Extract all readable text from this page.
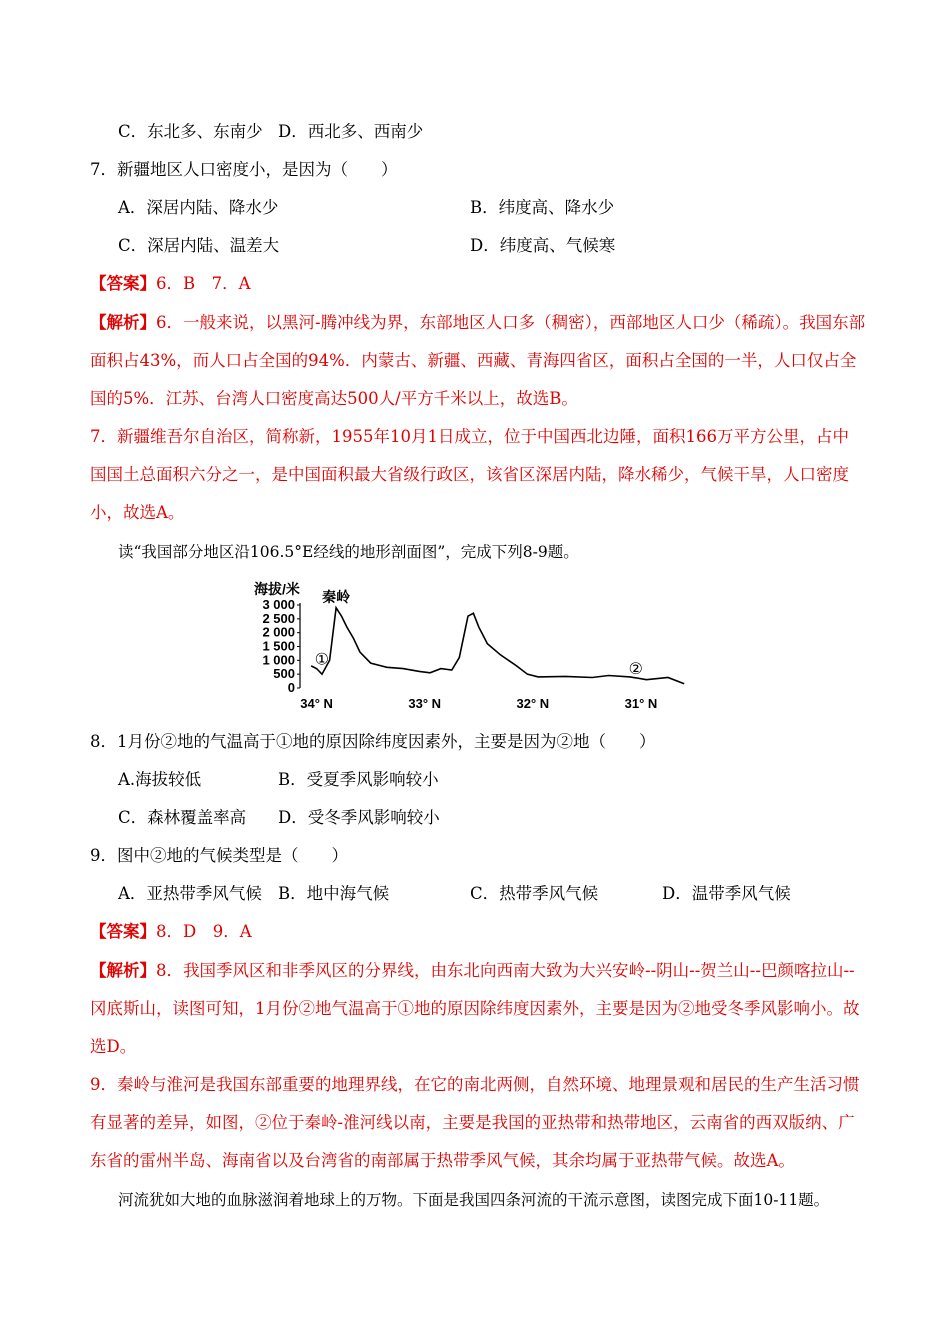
C．东北多、东南少 D．西北多、西南少
7．新疆地区人口密度小，是因为（　　）
A．深居内陆、降水少	B．纬度高、降水少
C．深居内陆、温差大	D．纬度高、气候寒
【答案】6．B　7．A
【解析】6．一般来说，以黑河-腾冲线为界，东部地区人口多（稠密），西部地区人口少（稀疏）。我国东部
面积占43%，而人口占全国的94%．内蒙古、新疆、西藏、青海四省区，面积占全国的一半，人口仅占全
国的5%．江苏、台湾人口密度高达500人/平方千米以上，故选B。
7．新疆维吾尔自治区，简称新，1955年10月1日成立，位于中国西北边陲，面积166万平方公里，占中
国国土总面积六分之一，是中国面积最大省级行政区，该省区深居内陆，降水稀少，气候干旱，人口密度
小，故选A。
读“我国部分地区沿106.5°E经线的地形剖面图”，完成下列8-9题。
海拔/米
3 000
2 500
2 000
1 500
1 000
500
0
34° N	33° N	32° N	31° N
秦岭
①
②
8．1月份②地的气温高于①地的原因除纬度因素外，主要是因为②地（　　）
A.海拔较低	B．受夏季风影响较小
C．森林覆盖率高 D．受冬季风影响较小
9．图中②地的气候类型是（　　）
A．亚热带季风气候 B．地中海气候	C．热带季风气候	D．温带季风气候
【答案】8．D　9．A
【解析】8．我国季风区和非季风区的分界线，由东北向西南大致为大兴安岭--阴山--贺兰山--巴颜喀拉山--
冈底斯山，读图可知，1月份②地气温高于①地的原因除纬度因素外，主要是因为②地受冬季风影响小。故
选D。
9．秦岭与淮河是我国东部重要的地理界线，在它的南北两侧，自然环境、地理景观和居民的生产生活习惯
有显著的差异，如图，②位于秦岭-淮河线以南，主要是我国的亚热带和热带地区，云南省的西双版纳、广
东省的雷州半岛、海南省以及台湾省的南部属于热带季风气候，其余均属于亚热带气候。故选A。
河流犹如大地的血脉滋润着地球上的万物。下面是我国四条河流的干流示意图，读图完成下面10-11题。
